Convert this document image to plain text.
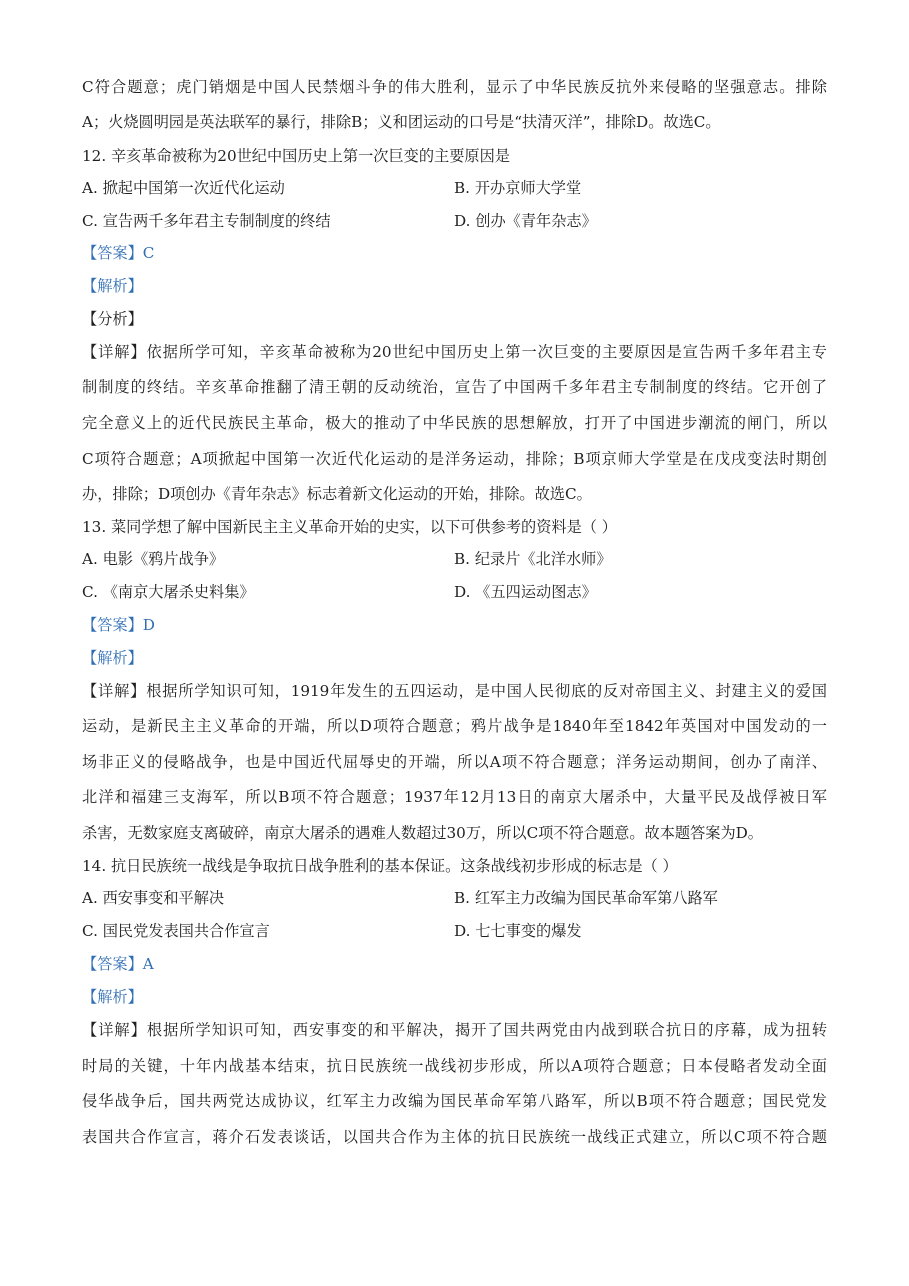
C符合题意；虎门销烟是中国人民禁烟斗争的伟大胜利，显示了中华民族反抗外来侵略的坚强意志。排除
A；火烧圆明园是英法联军的暴行，排除B；义和团运动的口号是“扶清灭洋”，排除D。故选C。
12. 辛亥革命被称为20世纪中国历史上第一次巨变的主要原因是
A. 掀起中国第一次近代化运动	B. 开办京师大学堂
C. 宣告两千多年君主专制制度的终结	D. 创办《青年杂志》
【答案】C
【解析】
【分析】
【详解】依据所学可知，辛亥革命被称为20世纪中国历史上第一次巨变的主要原因是宣告两千多年君主专
制制度的终结。辛亥革命推翻了清王朝的反动统治，宣告了中国两千多年君主专制制度的终结。它开创了
完全意义上的近代民族民主革命，极大的推动了中华民族的思想解放，打开了中国进步潮流的闸门，所以
C项符合题意；A项掀起中国第一次近代化运动的是洋务运动，排除；B项京师大学堂是在戊戌变法时期创
办，排除；D项创办《青年杂志》标志着新文化运动的开始，排除。故选C。
13. 菜同学想了解中国新民主主义革命开始的史实，以下可供参考的资料是（ ）
A. 电影《鸦片战争》	B. 纪录片《北洋水师》
C. 《南京大屠杀史料集》	D. 《五四运动图志》
【答案】D
【解析】
【详解】根据所学知识可知，1919年发生的五四运动，是中国人民彻底的反对帝国主义、封建主义的爱国
运动，是新民主主义革命的开端，所以D项符合题意；鸦片战争是1840年至1842年英国对中国发动的一
场非正义的侵略战争，也是中国近代屈辱史的开端，所以A项不符合题意；洋务运动期间，创办了南洋、
北洋和福建三支海军，所以B项不符合题意；1937年12月13日的南京大屠杀中，大量平民及战俘被日军
杀害，无数家庭支离破碎，南京大屠杀的遇难人数超过30万，所以C项不符合题意。故本题答案为D。
14. 抗日民族统一战线是争取抗日战争胜利的基本保证。这条战线初步形成的标志是（ ）
A. 西安事变和平解决	B. 红军主力改编为国民革命军第八路军
C. 国民党发表国共合作宣言	D. 七七事变的爆发
【答案】A
【解析】
【详解】根据所学知识可知，西安事变的和平解决，揭开了国共两党由内战到联合抗日的序幕，成为扭转
时局的关键，十年内战基本结束，抗日民族统一战线初步形成，所以A项符合题意；日本侵略者发动全面
侵华战争后，国共两党达成协议，红军主力改编为国民革命军第八路军，所以B项不符合题意；国民党发
表国共合作宣言，蒋介石发表谈话，以国共合作为主体的抗日民族统一战线正式建立，所以C项不符合题
